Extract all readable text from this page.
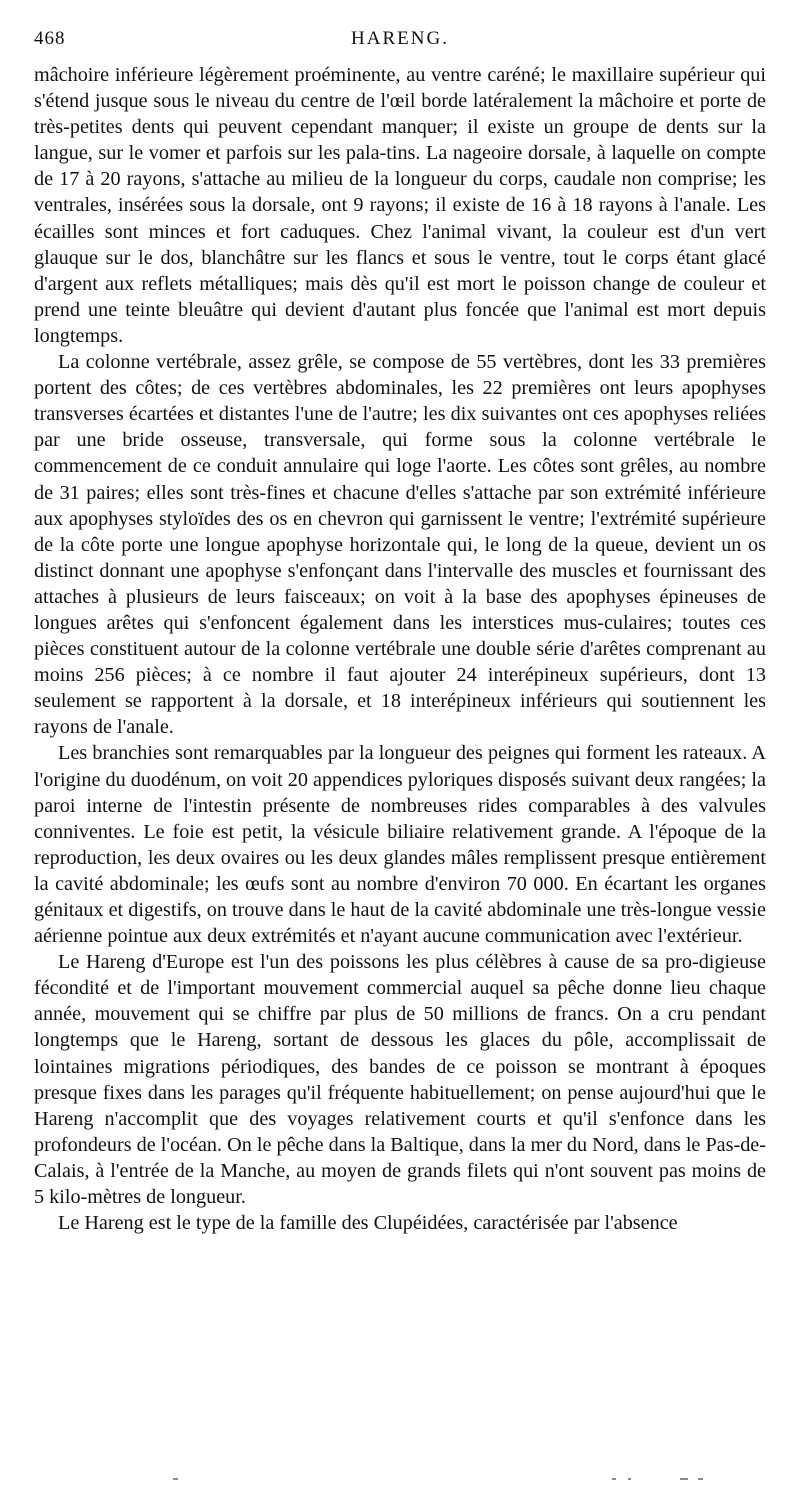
468	HARENG.

mâchoire inférieure légèrement proéminente, au ventre caréné; le maxillaire supérieur qui s'étend jusque sous le niveau du centre de l'œil borde latéralement la mâchoire et porte de très-petites dents qui peuvent cependant manquer; il existe un groupe de dents sur la langue, sur le vomer et parfois sur les pala-tins. La nageoire dorsale, à laquelle on compte de 17 à 20 rayons, s'attache au milieu de la longueur du corps, caudale non comprise; les ventrales, insérées sous la dorsale, ont 9 rayons; il existe de 16 à 18 rayons à l'anale. Les écailles sont minces et fort caduques. Chez l'animal vivant, la couleur est d'un vert glauque sur le dos, blanchâtre sur les flancs et sous le ventre, tout le corps étant glacé d'argent aux reflets métalliques; mais dès qu'il est mort le poisson change de couleur et prend une teinte bleuâtre qui devient d'autant plus foncée que l'animal est mort depuis longtemps.

La colonne vertébrale, assez grêle, se compose de 55 vertèbres, dont les 33 premières portent des côtes; de ces vertèbres abdominales, les 22 premières ont leurs apophyses transverses écartées et distantes l'une de l'autre; les dix suivantes ont ces apophyses reliées par une bride osseuse, transversale, qui forme sous la colonne vertébrale le commencement de ce conduit annulaire qui loge l'aorte. Les côtes sont grêles, au nombre de 31 paires; elles sont très-fines et chacune d'elles s'attache par son extrémité inférieure aux apophyses styloïdes des os en chevron qui garnissent le ventre; l'extrémité supérieure de la côte porte une longue apophyse horizontale qui, le long de la queue, devient un os distinct donnant une apophyse s'enfonçant dans l'intervalle des muscles et fournissant des attaches à plusieurs de leurs faisceaux; on voit à la base des apophyses épineuses de longues arêtes qui s'enfoncent également dans les interstices mus-culaires; toutes ces pièces constituent autour de la colonne vertébrale une double série d'arêtes comprenant au moins 256 pièces; à ce nombre il faut ajouter 24 interépineux supérieurs, dont 13 seulement se rapportent à la dorsale, et 18 interépineux inférieurs qui soutiennent les rayons de l'anale.

Les branchies sont remarquables par la longueur des peignes qui forment les rateaux. A l'origine du duodénum, on voit 20 appendices pyloriques disposés suivant deux rangées; la paroi interne de l'intestin présente de nombreuses rides comparables à des valvules conniventes. Le foie est petit, la vésicule biliaire relativement grande. A l'époque de la reproduction, les deux ovaires ou les deux glandes mâles remplissent presque entièrement la cavité abdominale; les œufs sont au nombre d'environ 70 000. En écartant les organes génitaux et digestifs, on trouve dans le haut de la cavité abdominale une très-longue vessie aérienne pointue aux deux extrémités et n'ayant aucune communication avec l'extérieur.

Le Hareng d'Europe est l'un des poissons les plus célèbres à cause de sa pro-digieuse fécondité et de l'important mouvement commercial auquel sa pêche donne lieu chaque année, mouvement qui se chiffre par plus de 50 millions de francs. On a cru pendant longtemps que le Hareng, sortant de dessous les glaces du pôle, accomplissait de lointaines migrations périodiques, des bandes de ce poisson se montrant à époques presque fixes dans les parages qu'il fréquente habituellement; on pense aujourd'hui que le Hareng n'accomplit que des voyages relativement courts et qu'il s'enfonce dans les profondeurs de l'océan. On le pêche dans la Baltique, dans la mer du Nord, dans le Pas-de-Calais, à l'entrée de la Manche, au moyen de grands filets qui n'ont souvent pas moins de 5 kilo-mètres de longueur.

Le Hareng est le type de la famille des Clupéidées, caractérisée par l'absence
